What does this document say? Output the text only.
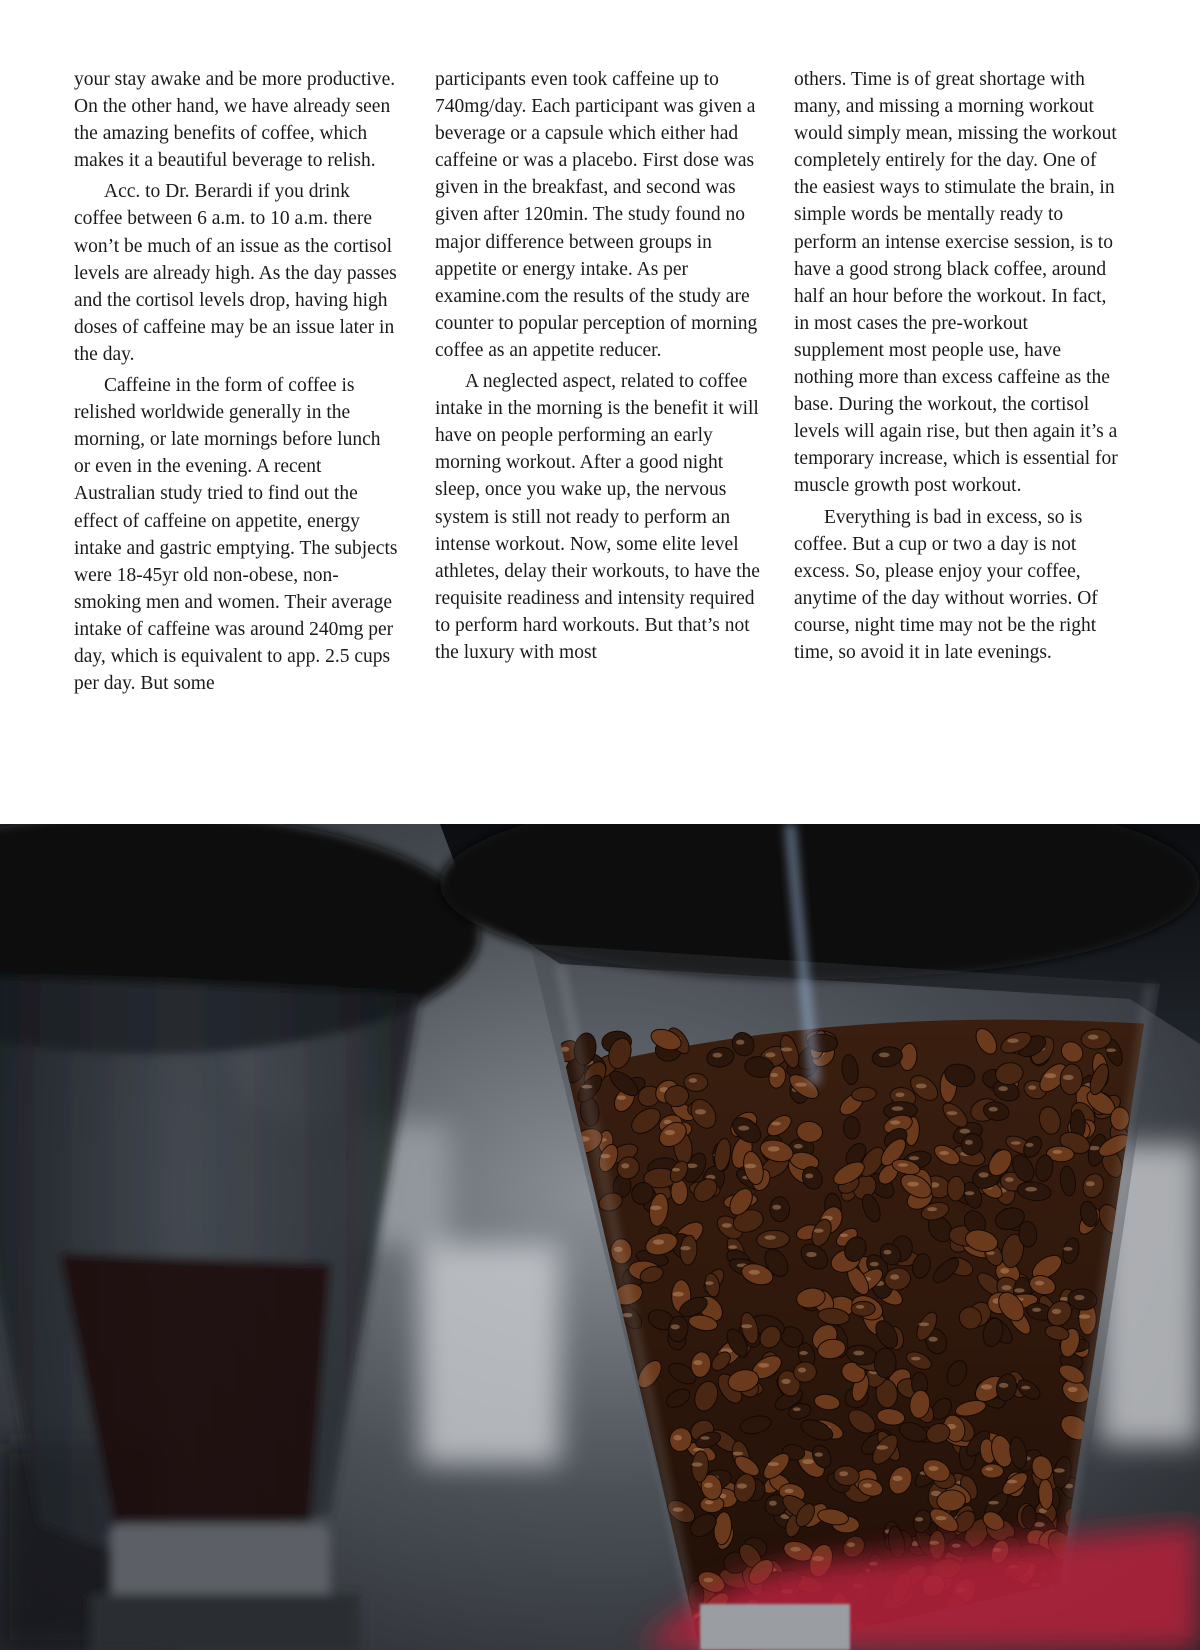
your stay awake and be more productive. On the other hand, we have already seen the amazing benefits of coffee, which makes it a beautiful beverage to relish.

Acc. to Dr. Berardi if you drink coffee between 6 a.m. to 10 a.m. there won’t be much of an issue as the cortisol levels are already high. As the day passes and the cortisol levels drop, having high doses of caffeine may be an issue later in the day.

Caffeine in the form of coffee is relished worldwide generally in the morning, or late mornings before lunch or even in the evening. A recent Australian study tried to find out the effect of caffeine on appetite, energy intake and gastric emptying. The subjects were 18-45yr old non-obese, non-smoking men and women. Their average intake of caffeine was around 240mg per day, which is equivalent to app. 2.5 cups per day. But some

participants even took caffeine up to 740mg/day. Each participant was given a beverage or a capsule which either had caffeine or was a placebo. First dose was given in the breakfast, and second was given after 120min. The study found no major difference between groups in appetite or energy intake. As per examine.com the results of the study are counter to popular perception of morning coffee as an appetite reducer.

A neglected aspect, related to coffee intake in the morning is the benefit it will have on people performing an early morning workout. After a good night sleep, once you wake up, the nervous system is still not ready to perform an intense workout. Now, some elite level athletes, delay their workouts, to have the requisite readiness and intensity required to perform hard workouts. But that’s not the luxury with most

others. Time is of great shortage with many, and missing a morning workout would simply mean, missing the workout completely entirely for the day. One of the easiest ways to stimulate the brain, in simple words be mentally ready to perform an intense exercise session, is to have a good strong black coffee, around half an hour before the workout. In fact, in most cases the pre-workout supplement most people use, have nothing more than excess caffeine as the base. During the workout, the cortisol levels will again rise, but then again it’s a temporary increase, which is essential for muscle growth post workout.

Everything is bad in excess, so is coffee. But a cup or two a day is not excess. So, please enjoy your coffee, anytime of the day without worries. Of course, night time may not be the right time, so avoid it in late evenings.
